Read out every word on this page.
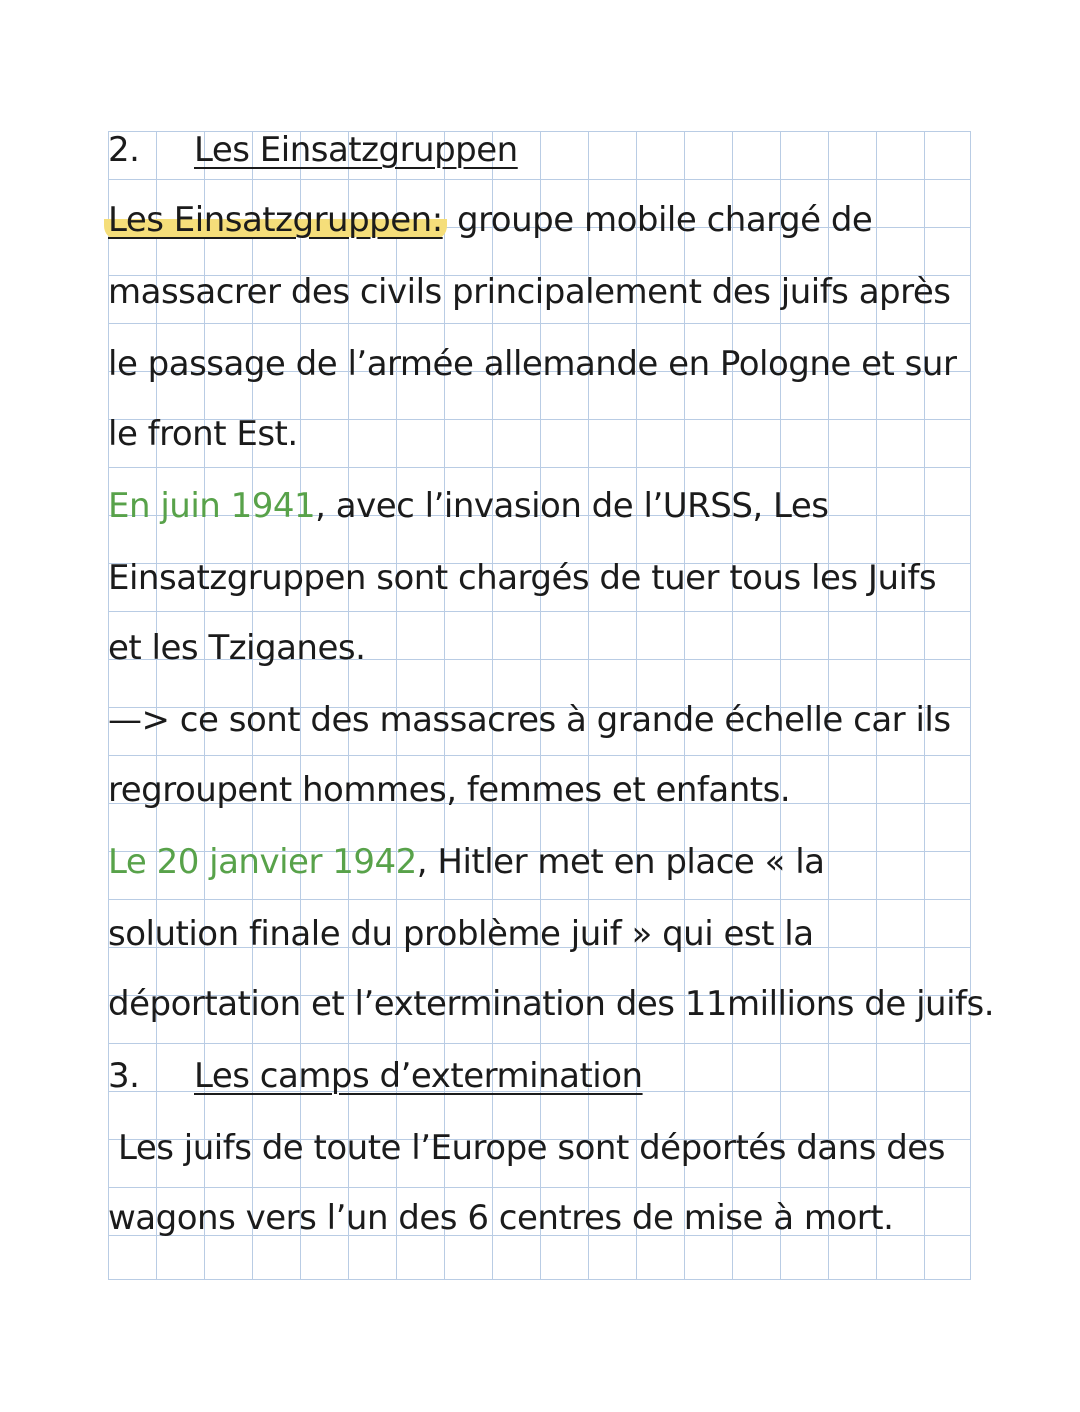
2. Les Einsatzgruppen
Les Einsatzgruppen: groupe mobile chargé de
massacrer des civils principalement des juifs après
le passage de l’armée allemande en Pologne et sur
le front Est.
En juin 1941, avec l’invasion de l’URSS, Les
Einsatzgruppen sont chargés de tuer tous les Juifs
et les Tziganes.
—> ce sont des massacres à grande échelle car ils
regroupent hommes, femmes et enfants.
Le 20 janvier 1942, Hitler met en place « la
solution finale du problème juif » qui est la
déportation et l’extermination des 11millions de juifs.
3. Les camps d’extermination
Les juifs de toute l’Europe sont déportés dans des
wagons vers l’un des 6 centres de mise à mort.
